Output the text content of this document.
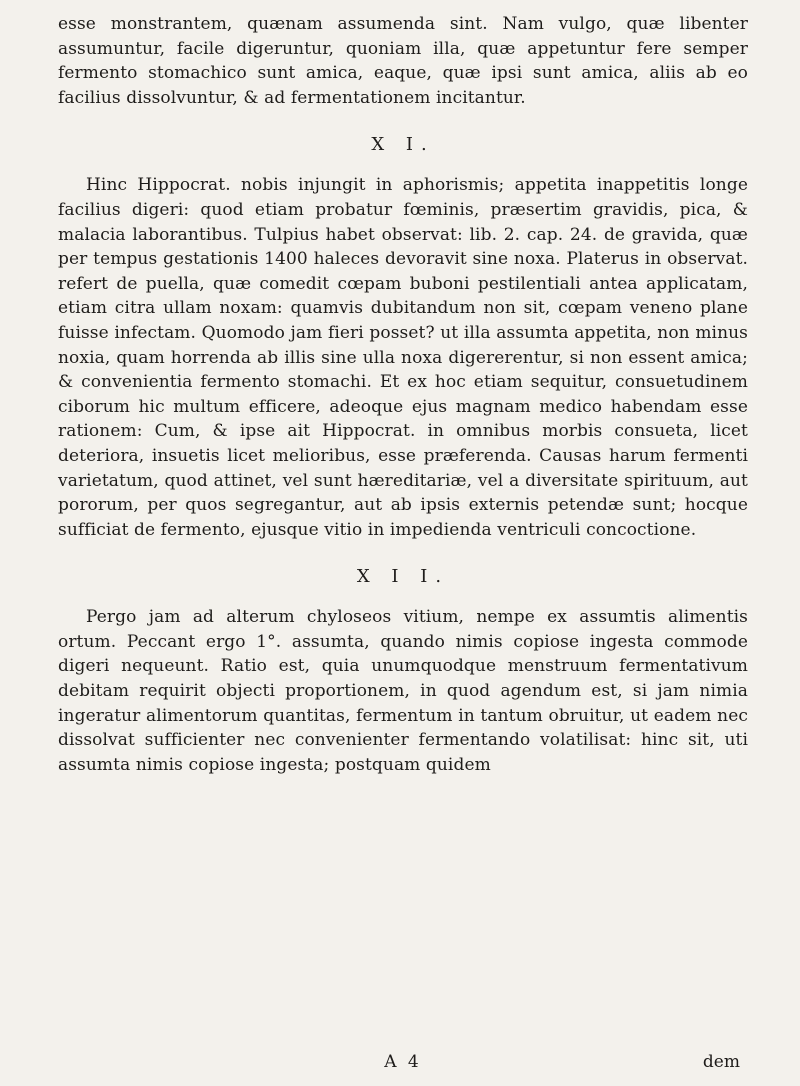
esse monstrantem, quænam assumenda sint. Nam vulgo, quæ libenter assumuntur, facile digeruntur, quoniam illa, quæ appetuntur fere semper fermento stomachico sunt amica, eaque, quæ ipsi sunt amica, aliis ab eo facilius dissolvuntur, & ad fermentationem incitantur.

X I.

Hinc Hippocrat. nobis injungit in aphorismis; appetita inappetitis longe facilius digeri: quod etiam probatur fœminis, præsertim gravidis, pica, & malacia laborantibus. Tulpius habet observat: lib. 2. cap. 24. de gravida, quæ per tempus gestationis 1400 haleces devoravit sine noxa. Platerus in observat. refert de puella, quæ comedit cœpam buboni pestilentiali antea applicatam, etiam citra ullam noxam: quamvis dubitandum non sit, cœpam veneno plane fuisse infectam. Quomodo jam fieri posset? ut illa assumta appetita, non minus noxia, quam horrenda ab illis sine ulla noxa digererentur, si non essent amica; & convenientia fermento stomachi. Et ex hoc etiam sequitur, consuetudinem ciborum hic multum efficere, adeoque ejus magnam medico habendam esse rationem: Cum, & ipse ait Hippocrat. in omnibus morbis consueta, licet deteriora, insuetis licet melioribus, esse præferenda. Causas harum fermenti varietatum, quod attinet, vel sunt hæreditariæ, vel a diversitate spirituum, aut pororum, per quos segregantur, aut ab ipsis externis petendæ sunt; hocque sufficiat de fermento, ejusque vitio in impedienda ventriculi concoctione.

X I I.

Pergo jam ad alterum chylosеos vitium, nempe ex assumtis alimentis ortum. Peccant ergo 1°. assumta, quando nimis copiose ingesta commode digeri nequeunt. Ratio est, quia unumquodque menstruum fermentativum debitam requirit objecti proportionem, in quod agendum est, si jam nimia ingeratur alimentorum quantitas, fermentum in tantum obruitur, ut eadem nec dissolvat sufficienter nec convenienter fermentando volatilisat: hinc sit, uti assumta nimis copiose ingesta; postquam quidem

A 4	dem
